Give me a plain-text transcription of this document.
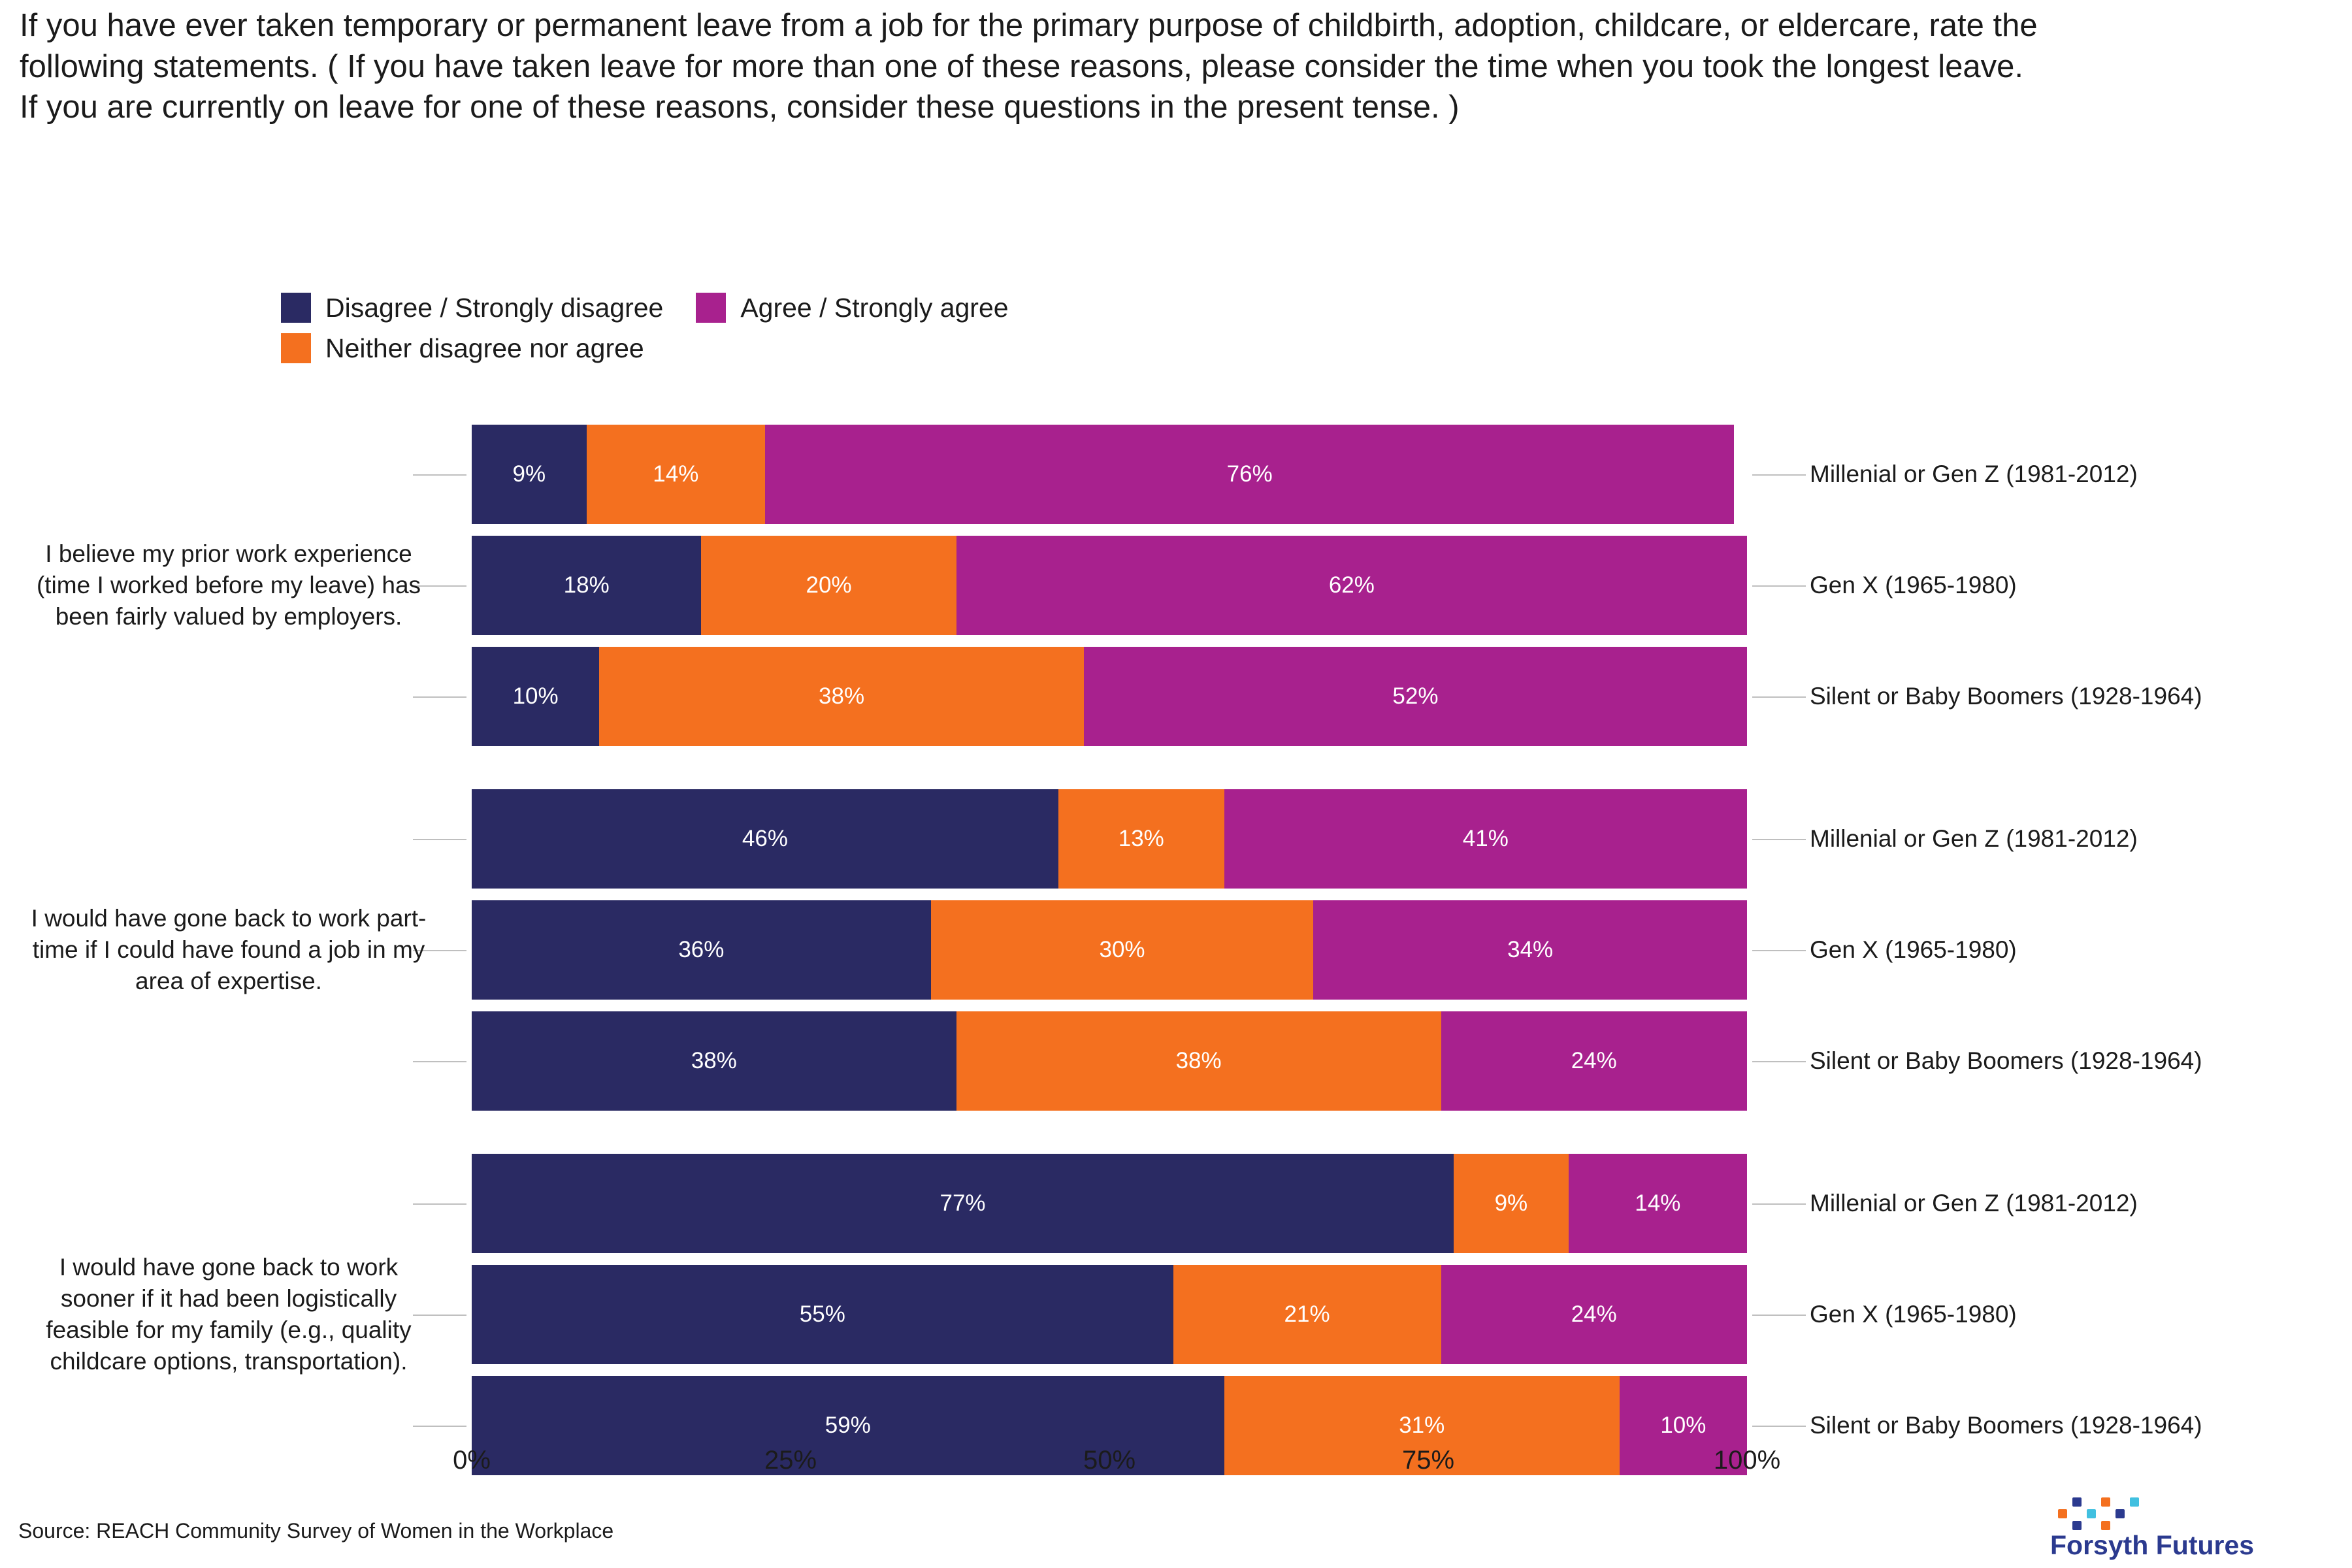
If you have ever taken temporary or permanent leave from a job for the primary purpose of childbirth, adoption, childcare, or eldercare, rate the following statements. ( If you have taken leave for more than one of these reasons, please consider the time when you took the longest leave. If you are currently on leave for one of these reasons, consider these questions in the present tense. )
Disagree / Strongly disagree	Agree / Strongly agree
Neither disagree nor agree
9%	14%	76%
18%	20%	62%
10%	38%	52%
46%	13%	41%
36%	30%	34%
38%	38%	24%
77%	9%	14%
55%	21%	24%
59%	31%	10%
0%	25%	50%	75%	100%
Source: REACH Community Survey of Women in the Workplace	Forsyth Futures
Millenial or Gen Z (1981-2012)
Gen X (1965-1980)
Silent or Baby Boomers (1928-1964)
I believe my prior work experience (time I worked before my leave) has been fairly valued by employers.
Millenial or Gen Z (1981-2012)
Gen X (1965-1980)
Silent or Baby Boomers (1928-1964)
I would have gone back to work part-time if I could have found a job in my area of expertise.
Millenial or Gen Z (1981-2012)
Gen X (1965-1980)
Silent or Baby Boomers (1928-1964)
I would have gone back to work sooner if it had been logistically feasible for my family (e.g., quality childcare options, transportation).
